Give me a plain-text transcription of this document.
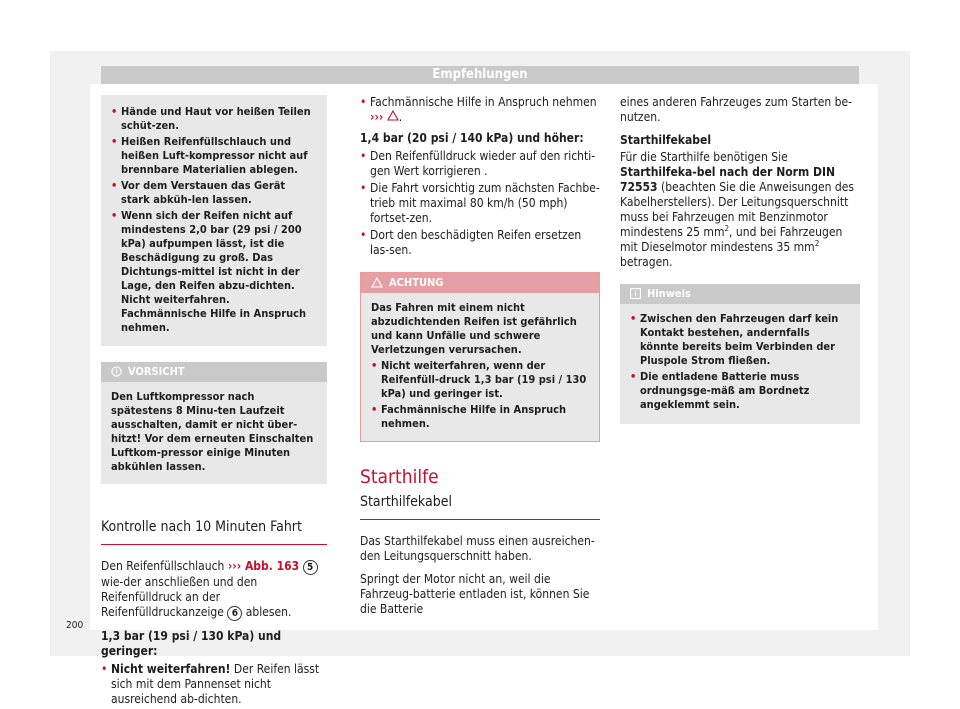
Empfehlungen
• Hände und Haut vor heißen Teilen schüt-zen.
• Heißen Reifenfüllschlauch und heißen Luft-kompressor nicht auf brennbare Materialien ablegen.
• Vor dem Verstauen das Gerät stark abküh-len lassen.
• Wenn sich der Reifen nicht auf mindestens 2,0 bar (29 psi / 200 kPa) aufpumpen lässt, ist die Beschädigung zu groß. Das Dichtungs-mittel ist nicht in der Lage, den Reifen abzu-dichten. Nicht weiterfahren. Fachmännische Hilfe in Anspruch nehmen.
VORSICHT
Den Luftkompressor nach spätestens 8 Minu-ten Laufzeit ausschalten, damit er nicht über-hitzt! Vor dem erneuten Einschalten Luftkom-pressor einige Minuten abkühlen lassen.
Kontrolle nach 10 Minuten Fahrt

Den Reifenfüllschlauch ››› Abb. 163 5 wie-der anschließen und den Reifenfülldruck an der Reifenfülldruckanzeige 6 ablesen.

1,3 bar (19 psi / 130 kPa) und geringer:
• Nicht weiterfahren! Der Reifen lässt sich mit dem Pannenset nicht ausreichend ab-dichten.
• Fachmännische Hilfe in Anspruch nehmen
››› .
1,4 bar (20 psi / 140 kPa) und höher:
• Den Reifenfülldruck wieder auf den richti-gen Wert korrigieren .
• Die Fahrt vorsichtig zum nächsten Fachbe-trieb mit maximal 80 km/h (50 mph) fortset-zen.
• Dort den beschädigten Reifen ersetzen las-sen.
ACHTUNG
Das Fahren mit einem nicht abzudichtenden Reifen ist gefährlich und kann Unfälle und schwere Verletzungen verursachen.
• Nicht weiterfahren, wenn der Reifenfüll-druck 1,3 bar (19 psi / 130 kPa) und geringer ist.
• Fachmännische Hilfe in Anspruch nehmen.
Starthilfe
Starthilfekabel

Das Starthilfekabel muss einen ausreichen-den Leitungsquerschnitt haben.

Springt der Motor nicht an, weil die Fahrzeug-batterie entladen ist, können Sie die Batterie

eines anderen Fahrzeuges zum Starten be-nutzen.

Starthilfekabel

Für die Starthilfe benötigen Sie Starthilfeka-bel nach der Norm DIN 72553 (beachten Sie die Anweisungen des Kabelherstellers). Der Leitungsquerschnitt muss bei Fahrzeugen mit Benzinmotor mindestens 25 $mm^2$, und bei Fahrzeugen mit Dieselmotor mindestens 35 $mm^2$ betragen.

Hinweis
• Zwischen den Fahrzeugen darf kein Kontakt bestehen, andernfalls könnte bereits beim Verbinden der Pluspole Strom fließen.
• Die entladene Batterie muss ordnungsge-mäß am Bordnetz angeklemmt sein.
200
